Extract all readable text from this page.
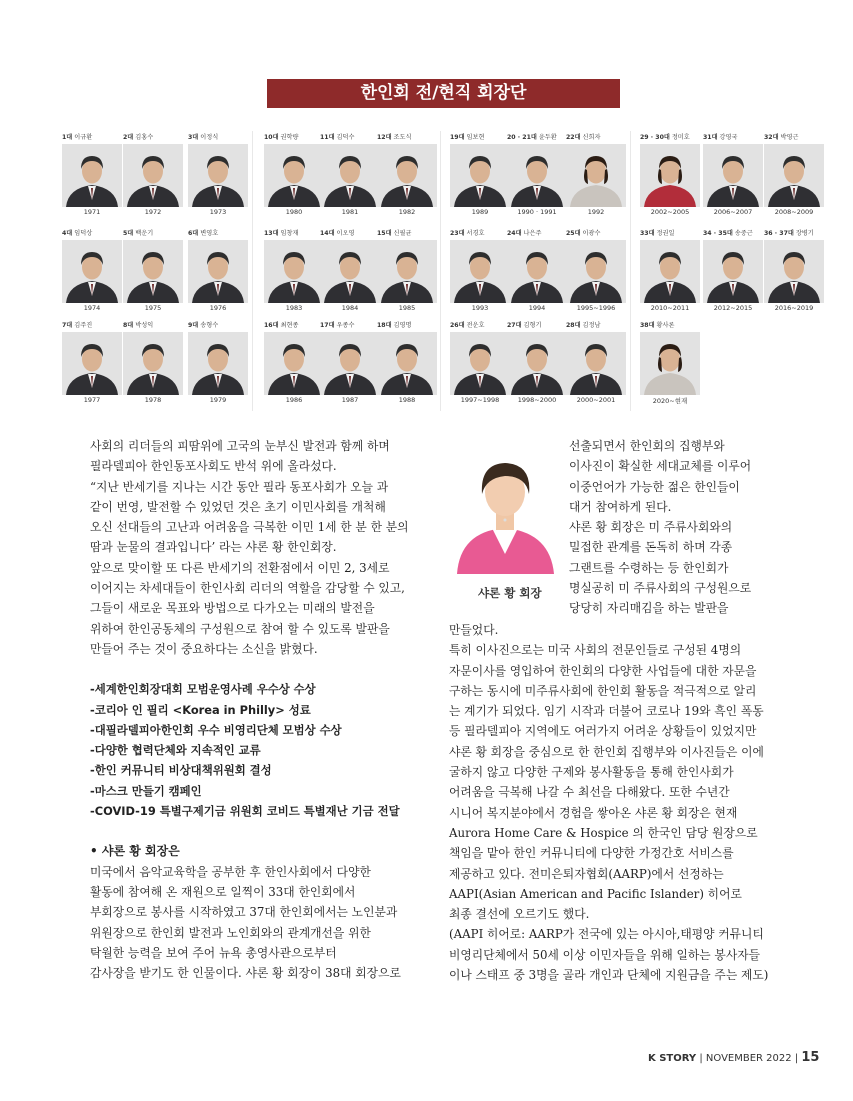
한인회 전/현직 회장단
1대 이규환
1971
2대 김홍수
1972
3대 이정식
1973
4대 임덕상
1974
5대 백운기
1975
6대 변영호
1976
7대 김주진
1977
8대 박성익
1978
9대 송형수
1979
10대 권학량
1980
11대 김덕수
1981
12대 조도식
1982
13대 임창재
1983
14대 이오영
1984
15대 신필균
1985
16대 최현종
1986
17대 우종수
1987
18대 김영명
1988
19대 임보현
1989
20 · 21대 윤두환
1990 · 1991
22대 신희자
1992
23대 서경호
1993
24대 나은주
1994
25대 이광수
1995~1996
26대 전운호
1997~1998
27대 김형기
1998~2000
28대 김정남
2000~2001
29 · 30대 정미호
2002~2005
31대 강영국
2006~2007
32대 박영근
2008~2009
33대 정권일
2010~2011
34 · 35대 송중근
2012~2015
36 · 37대 장병기
2016~2019
38대 황사론
2020~현재

사회의 리더들의 피땀위에 고국의 눈부신 발전과 함께 하며

필라델피아 한인동포사회도 반석 위에 올라섰다.

“지난 반세기를 지나는 시간 동안 필라 동포사회가 오늘 과

같이 번영, 발전할 수 있었던 것은 초기 이민사회를 개척해

오신 선대들의 고난과 어려움을 극복한 이민 1세 한 분 한 분의

땀과 눈물의 결과입니다’ 라는 샤론 황 한인회장.

앞으로 맞이할 또 다른 반세기의 전환점에서 이민 2, 3세로

이어지는 차세대들이 한인사회 리더의 역할을 감당할 수 있고,

그들이 새로운 목표와 방법으로 다가오는 미래의 발전을

위하여 한인공동체의 구성원으로 참여 할 수 있도록 발판을

만들어 주는 것이 중요하다는 소신을 밝혔다.

-세계한인회장대회 모범운영사례 우수상 수상

-코리아 인 필리 <Korea in Philly> 성료

-대필라델피아한인회 우수 비영리단체 모범상 수상

-다양한 협력단체와 지속적인 교류

-한인 커뮤니티 비상대책위원회 결성

-마스크 만들기 캠페인

-COVID-19 특별구제기금 위원회 코비드 특별재난 기금 전달

• 샤론 황 회장은

미국에서 음악교육학을 공부한 후 한인사회에서 다양한

활동에 참여해 온 재원으로 일찍이 33대 한인회에서

부회장으로 봉사를 시작하였고 37대 한인회에서는 노인분과

위원장으로 한인회 발전과 노인회와의 관계개선을 위한

탁월한 능력을 보여 주어 뉴욕 총영사관으로부터

감사장을 받기도 한 인물이다. 샤론 황 회장이 38대 회장으로

샤론 황 회장

선출되면서 한인회의 집행부와

이사진이 확실한 세대교체를 이루어

이중언어가 가능한 젊은 한인들이

대거 참여하게 된다.

샤론 황 회장은 미 주류사회와의

밀접한 관계를 돈독히 하며 각종

그랜트를 수령하는 등 한인회가

명실공히 미 주류사회의 구성원으로

당당히 자리매김을 하는 발판을

만들었다.

특히 이사진으로는 미국 사회의 전문인들로 구성된 4명의

자문이사를 영입하여 한인회의 다양한 사업들에 대한 자문을

구하는 동시에 미주류사회에 한인회 활동을 적극적으로 알리

는 계기가 되었다. 임기 시작과 더불어 코로나 19와 흑인 폭동

등 필라델피아 지역에도 여러가지 어려운 상황들이 있었지만

샤론 황 회장을 중심으로 한 한인회 집행부와 이사진들은 이에

굴하지 않고 다양한 구제와 봉사활동을 통해 한인사회가

어려움을 극복해 나갈 수 최선을 다해왔다. 또한 수년간

시니어 복지분야에서 경험을 쌓아온 샤론 황 회장은 현재

Aurora Home Care & Hospice 의 한국인 담당 원장으로

책임을 맡아 한인 커뮤니티에 다양한 가정간호 서비스를

제공하고 있다. 전미은퇴자협회(AARP)에서 선정하는

AAPI(Asian American and Pacific Islander) 히어로

최종 결선에 오르기도 했다.

(AAPI 히어로: AARP가 전국에 있는 아시아,태평양 커뮤니티

비영리단체에서 50세 이상 이민자들을 위해 일하는 봉사자들

이나 스태프 중 3명을 골라 개인과 단체에 지원금을 주는 제도)

K STORY | NOVEMBER 2022 | 15
